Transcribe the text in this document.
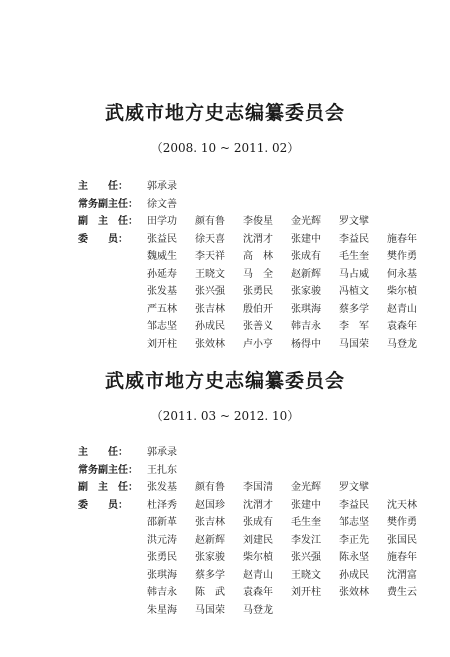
武威市地方史志编纂委员会
（2008. 10 ~ 2011. 02）
主　　任：	郭承录
常务副主任： 徐文善
副　主　任： 田学功	颜有鲁	李俊星	金光辉	罗文擘
委　　员：	张益民	徐天喜	沈渭才	张建中	李益民	施春年
魏威生	李天祥	高　林	张成有	毛生奎	樊作勇
孙延寿	王晓文	马　全	赵新辉	马占威	何永基
张发基	张兴强	张勇民	张家骏	冯植文	柴尔楨
严五林	张吉林	殷伯开	张琪海	蔡多学	赵青山
邹志坚	孙成民	张善义	韩吉永	李　军	袁森年
刘开柱	张效林	卢小亨	杨得中	马国荣	马登龙
武威市地方史志编纂委员会
（2011. 03 ~ 2012. 10）
主　　任：	郭承录
常务副主任： 王扎东
副　主　任： 张发基	颜有鲁	李国清	金光辉	罗文擘
委　　员：	杜泽秀	赵国珍	沈渭才	张建中	李益民	沈天林
邵新革	张吉林	张成有	毛生奎	邹志坚	樊作勇
洪元涛	赵新辉	刘建民	李发江	李正先	张国民
张勇民	张家骏	柴尔楨	张兴强	陈永坚	施春年
张琪海	蔡多学	赵青山	王晓文	孙成民	沈渭富
韩吉永	陈　武	袁森年	刘开柱	张效林	费生云
朱星海	马国荣	马登龙
